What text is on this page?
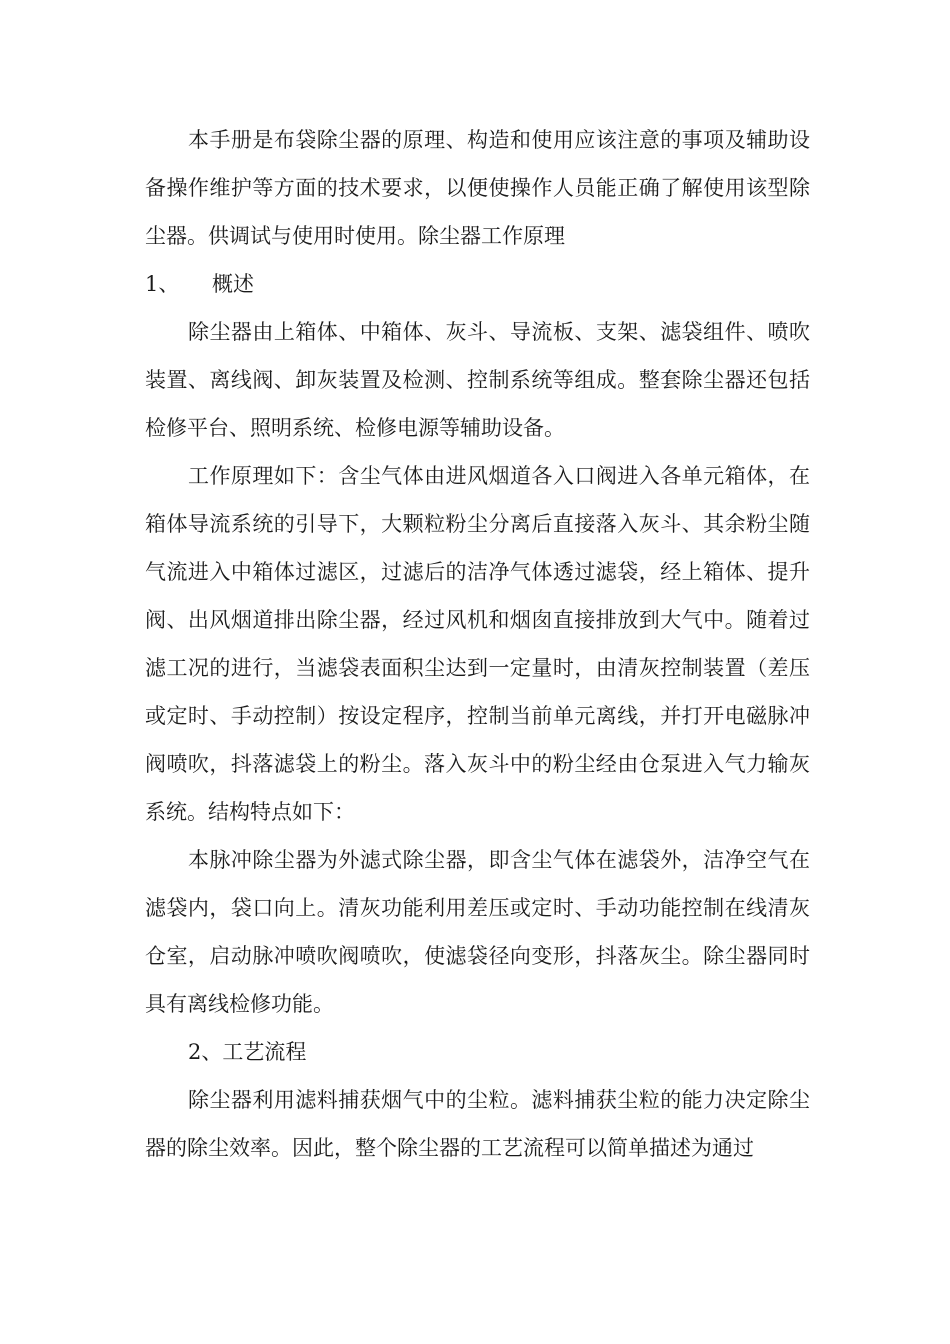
本手册是布袋除尘器的原理、构造和使用应该注意的事项及辅助设备操作维护等方面的技术要求，以便使操作人员能正确了解使用该型除尘器。供调试与使用时使用。除尘器工作原理

1、 概述

除尘器由上箱体、中箱体、灰斗、导流板、支架、滤袋组件、喷吹装置、离线阀、卸灰装置及检测、控制系统等组成。整套除尘器还包括检修平台、照明系统、检修电源等辅助设备。

工作原理如下：含尘气体由进风烟道各入口阀进入各单元箱体，在箱体导流系统的引导下，大颗粒粉尘分离后直接落入灰斗、其余粉尘随气流进入中箱体过滤区，过滤后的洁净气体透过滤袋，经上箱体、提升阀、出风烟道排出除尘器，经过风机和烟囱直接排放到大气中。随着过滤工况的进行，当滤袋表面积尘达到一定量时，由清灰控制装置（差压或定时、手动控制）按设定程序，控制当前单元离线，并打开电磁脉冲阀喷吹，抖落滤袋上的粉尘。落入灰斗中的粉尘经由仓泵进入气力输灰系统。结构特点如下：

本脉冲除尘器为外滤式除尘器，即含尘气体在滤袋外，洁净空气在滤袋内，袋口向上。清灰功能利用差压或定时、手动功能控制在线清灰仓室，启动脉冲喷吹阀喷吹，使滤袋径向变形，抖落灰尘。除尘器同时具有离线检修功能。

2、工艺流程

除尘器利用滤料捕获烟气中的尘粒。滤料捕获尘粒的能力决定除尘器的除尘效率。因此，整个除尘器的工艺流程可以简单描述为通过
